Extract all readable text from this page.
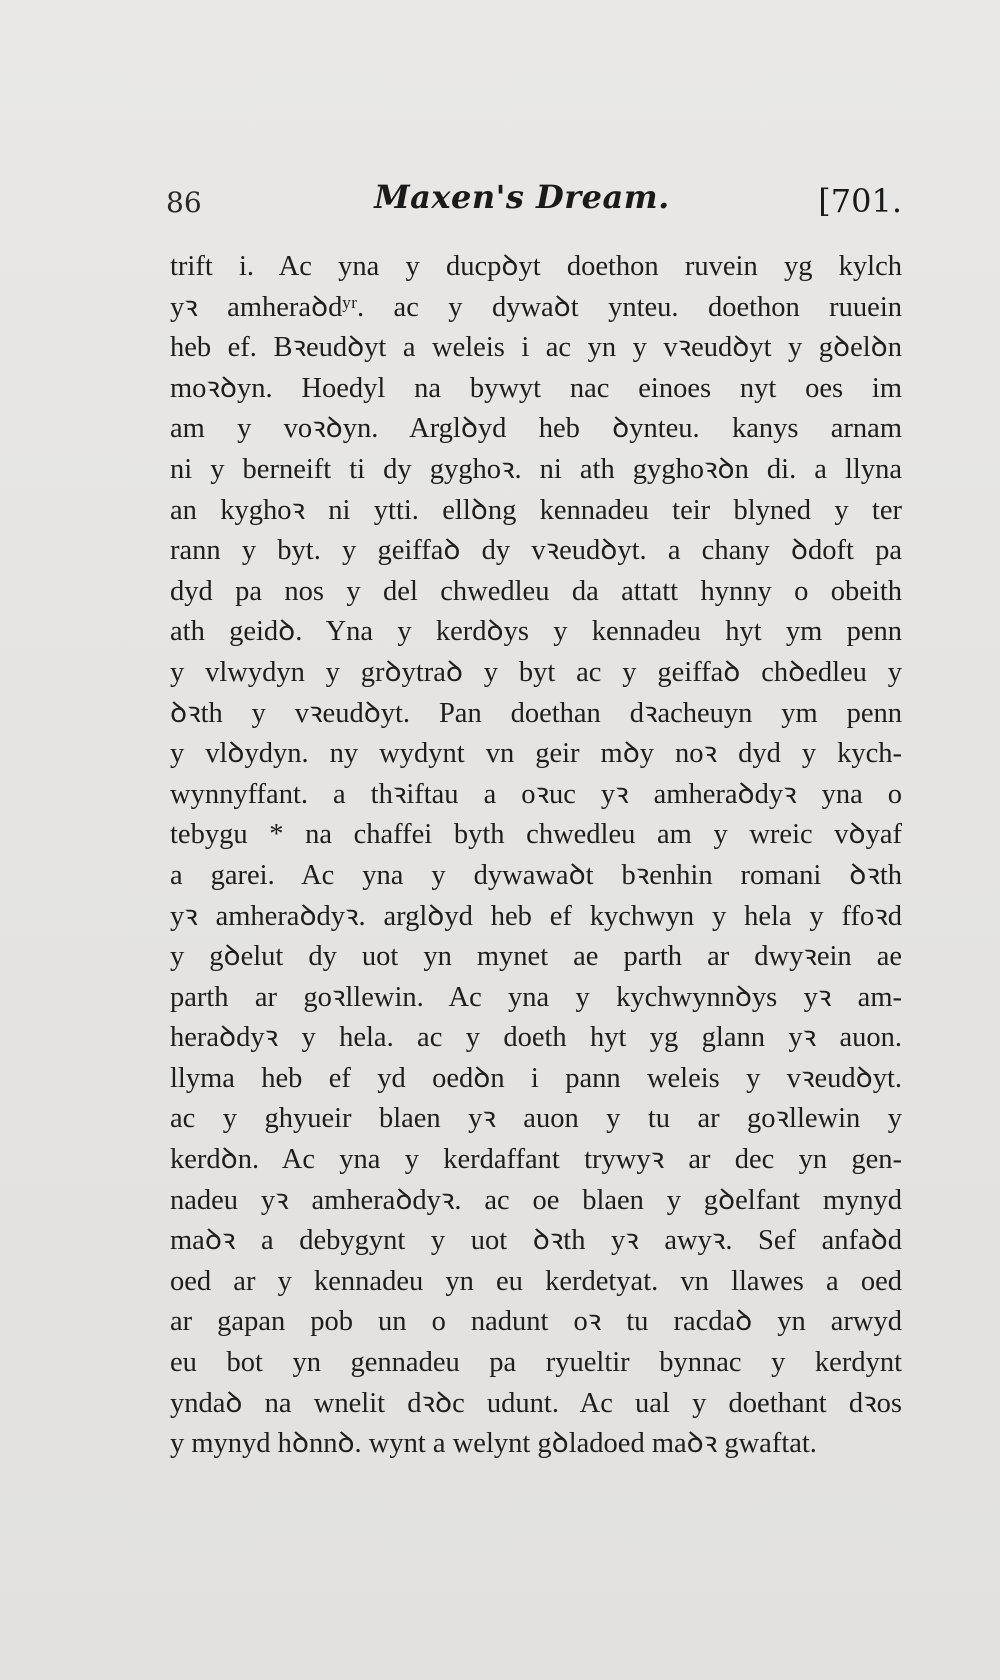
86	Maxen's Dream.	[701.
trift i. Ac yna y ducpꝺyt doethon ruvein yg kylch
yꝛ amheraꝺdʸʳ. ac y dywaꝺt ynteu. doethon ruuein
heb ef. Bꝛeudꝺyt a weleis i ac yn y vꝛeudꝺyt y gꝺelꝺn
moꝛꝺyn. Hoedyl na bywyt nac einoes nyt oes im
am y voꝛꝺyn. Arglꝺyd heb ꝺynteu. kanys arnam
ni y berneift ti dy gyghoꝛ. ni ath gyghoꝛꝺn di. a llyna
an kyghoꝛ ni ytti. ellꝺng kennadeu teir blyned y ter
rann y byt. y geiffaꝺ dy vꝛeudꝺyt. a chany ꝺdoft pa
dyd pa nos y del chwedleu da attatt hynny o obeith
ath geidꝺ. Yna y kerdꝺys y kennadeu hyt ym penn
y vlwydyn y grꝺytraꝺ y byt ac y geiffaꝺ chꝺedleu y
ꝺꝛth y vꝛeudꝺyt. Pan doethan dꝛacheuyn ym penn
y vlꝺydyn. ny wydynt vn geir mꝺy noꝛ dyd y kych-
wynnyffant. a thꝛiftau a oꝛuc yꝛ amheraꝺdyꝛ yna o
tebygu * na chaffei byth chwedleu am y wreic vꝺyaf
a garei. Ac yna y dywawaꝺt bꝛenhin romani ꝺꝛth
yꝛ amheraꝺdyꝛ. arglꝺyd heb ef kychwyn y hela y ffoꝛd
y gꝺelut dy uot yn mynet ae parth ar dwyꝛein ae
parth ar goꝛllewin. Ac yna y kychwynnꝺys yꝛ am-
heraꝺdyꝛ y hela. ac y doeth hyt yg glann yꝛ auon.
llyma heb ef yd oedꝺn i pann weleis y vꝛeudꝺyt.
ac y ghyueir blaen yꝛ auon y tu ar goꝛllewin y
kerdꝺn. Ac yna y kerdaffant trywyꝛ ar dec yn gen-
nadeu yꝛ amheraꝺdyꝛ. ac oe blaen y gꝺelfant mynyd
maꝺꝛ a debygynt y uot ꝺꝛth yꝛ awyꝛ. Sef anfaꝺd
oed ar y kennadeu yn eu kerdetyat. vn llawes a oed
ar gapan pob un o nadunt oꝛ tu racdaꝺ yn arwyd
eu bot yn gennadeu pa ryueltir bynnac y kerdynt
yndaꝺ na wnelit dꝛꝺc udunt. Ac ual y doethant dꝛos
y mynyd hꝺnnꝺ. wynt a welynt gꝺladoed maꝺꝛ gwaftat.
